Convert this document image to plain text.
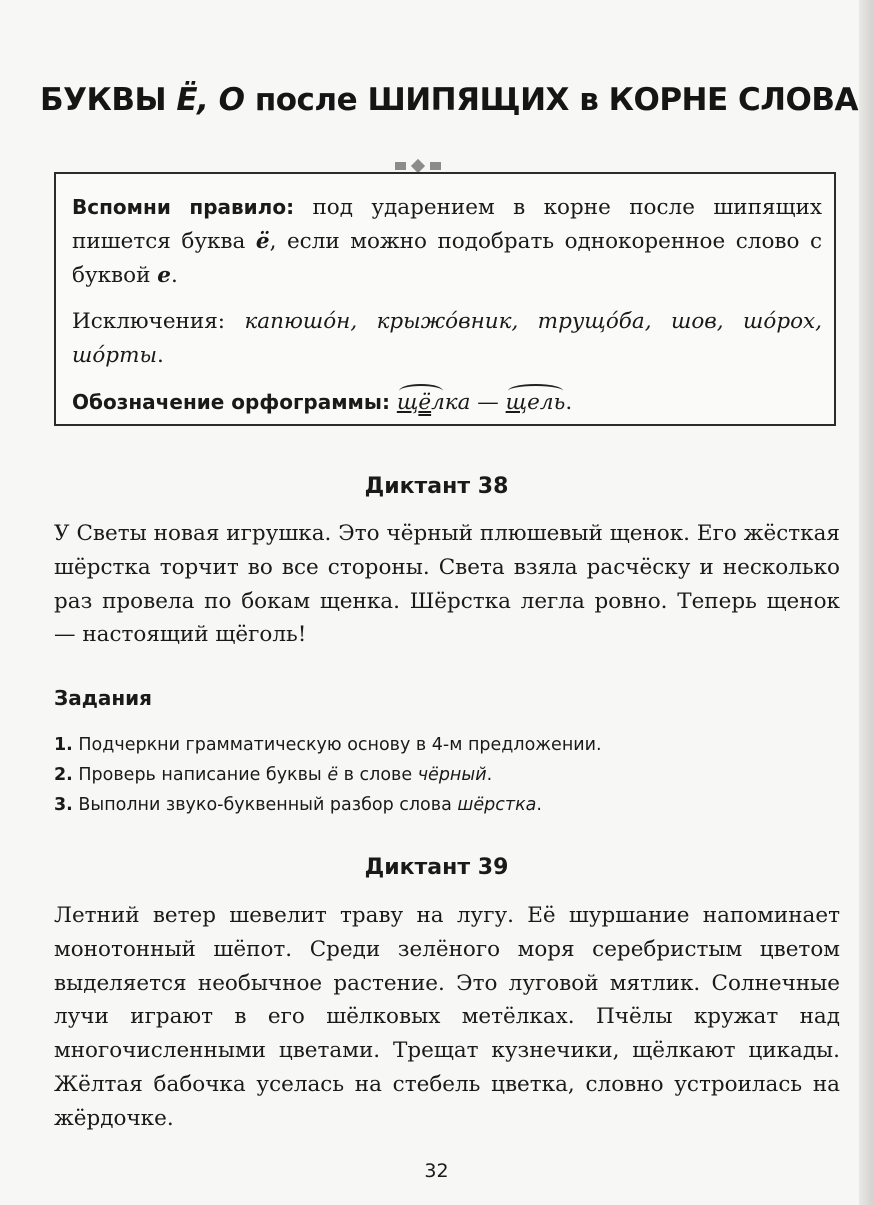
БУКВЫ Ё, О после ШИПЯЩИХ в КОРНЕ СЛОВА

Вспомни правило: под ударением в корне после шипящих пишется буква ё, если можно подобрать однокоренное слово с буквой е.

Исключения: капюшóн, крыжóвник, трущóба, шов, шóрох, шóрты.

Обозначение орфограммы: щёлка — щель.

Диктант 38

У Светы новая игрушка. Это чёрный плюшевый щенок. Его жёсткая шёрстка торчит во все стороны. Света взяла расчёску и несколько раз провела по бокам щенка. Шёрстка легла ровно. Теперь щенок — настоящий щёголь!

Задания
1. Подчеркни грамматическую основу в 4-м предложении.
2. Проверь написание буквы ё в слове чёрный.
3. Выполни звуко-буквенный разбор слова шёрстка.
Диктант 39

Летний ветер шевелит траву на лугу. Её шуршание напоминает монотонный шёпот. Среди зелёного моря серебристым цветом выделяется необычное растение. Это луговой мятлик. Солнечные лучи играют в его шёлковых метёлках. Пчёлы кружат над многочисленными цветами. Трещат кузнечики, щёлкают цикады. Жёлтая бабочка уселась на стебель цветка, словно устроилась на жёрдочке.

32
